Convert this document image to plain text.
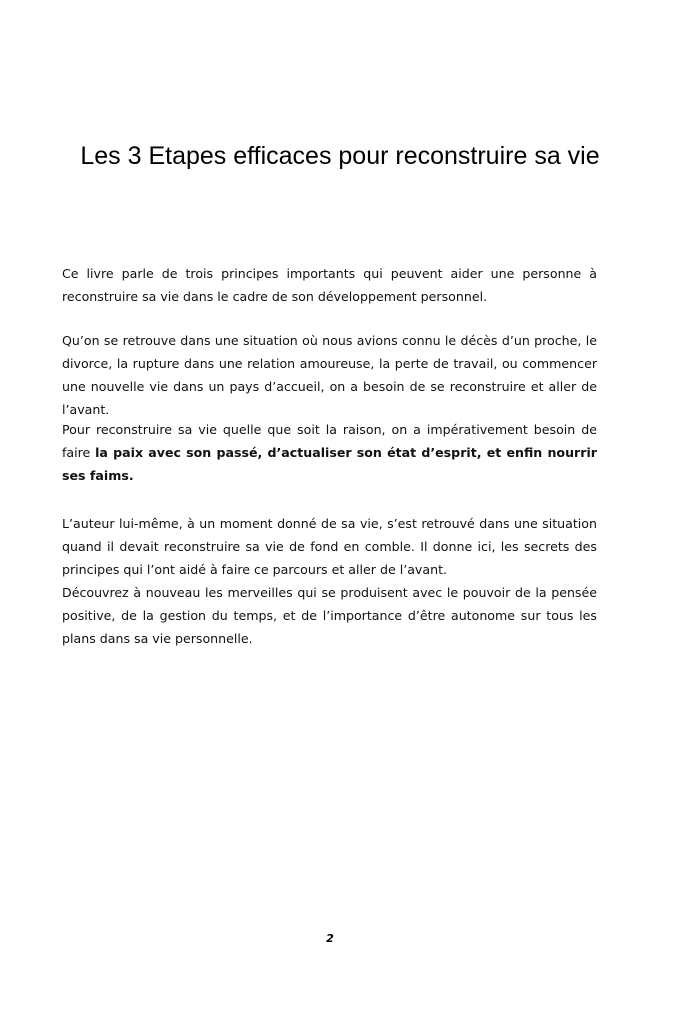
Les 3 Etapes efficaces pour reconstruire sa vie

Ce livre parle de trois principes importants qui peuvent aider une personne à reconstruire sa vie dans le cadre de son développement personnel.

Qu’on se retrouve dans une situation où nous avions connu le décès d’un proche, le divorce, la rupture dans une relation amoureuse, la perte de travail, ou commencer une nouvelle vie dans un pays d’accueil, on a besoin de se reconstruire et aller de l’avant.

Pour reconstruire sa vie quelle que soit la raison, on a impérativement besoin de faire la paix avec son passé, d’actualiser son état d’esprit, et enfin nourrir ses faims.

L’auteur lui-même, à un moment donné de sa vie, s’est retrouvé dans une situation quand il devait reconstruire sa vie de fond en comble. Il donne ici, les secrets des principes qui l’ont aidé à faire ce parcours et aller de l’avant.

Découvrez à nouveau les merveilles qui se produisent avec le pouvoir de la pensée positive, de la gestion du temps, et de l’importance d’être autonome sur tous les plans dans sa vie personnelle.

2
